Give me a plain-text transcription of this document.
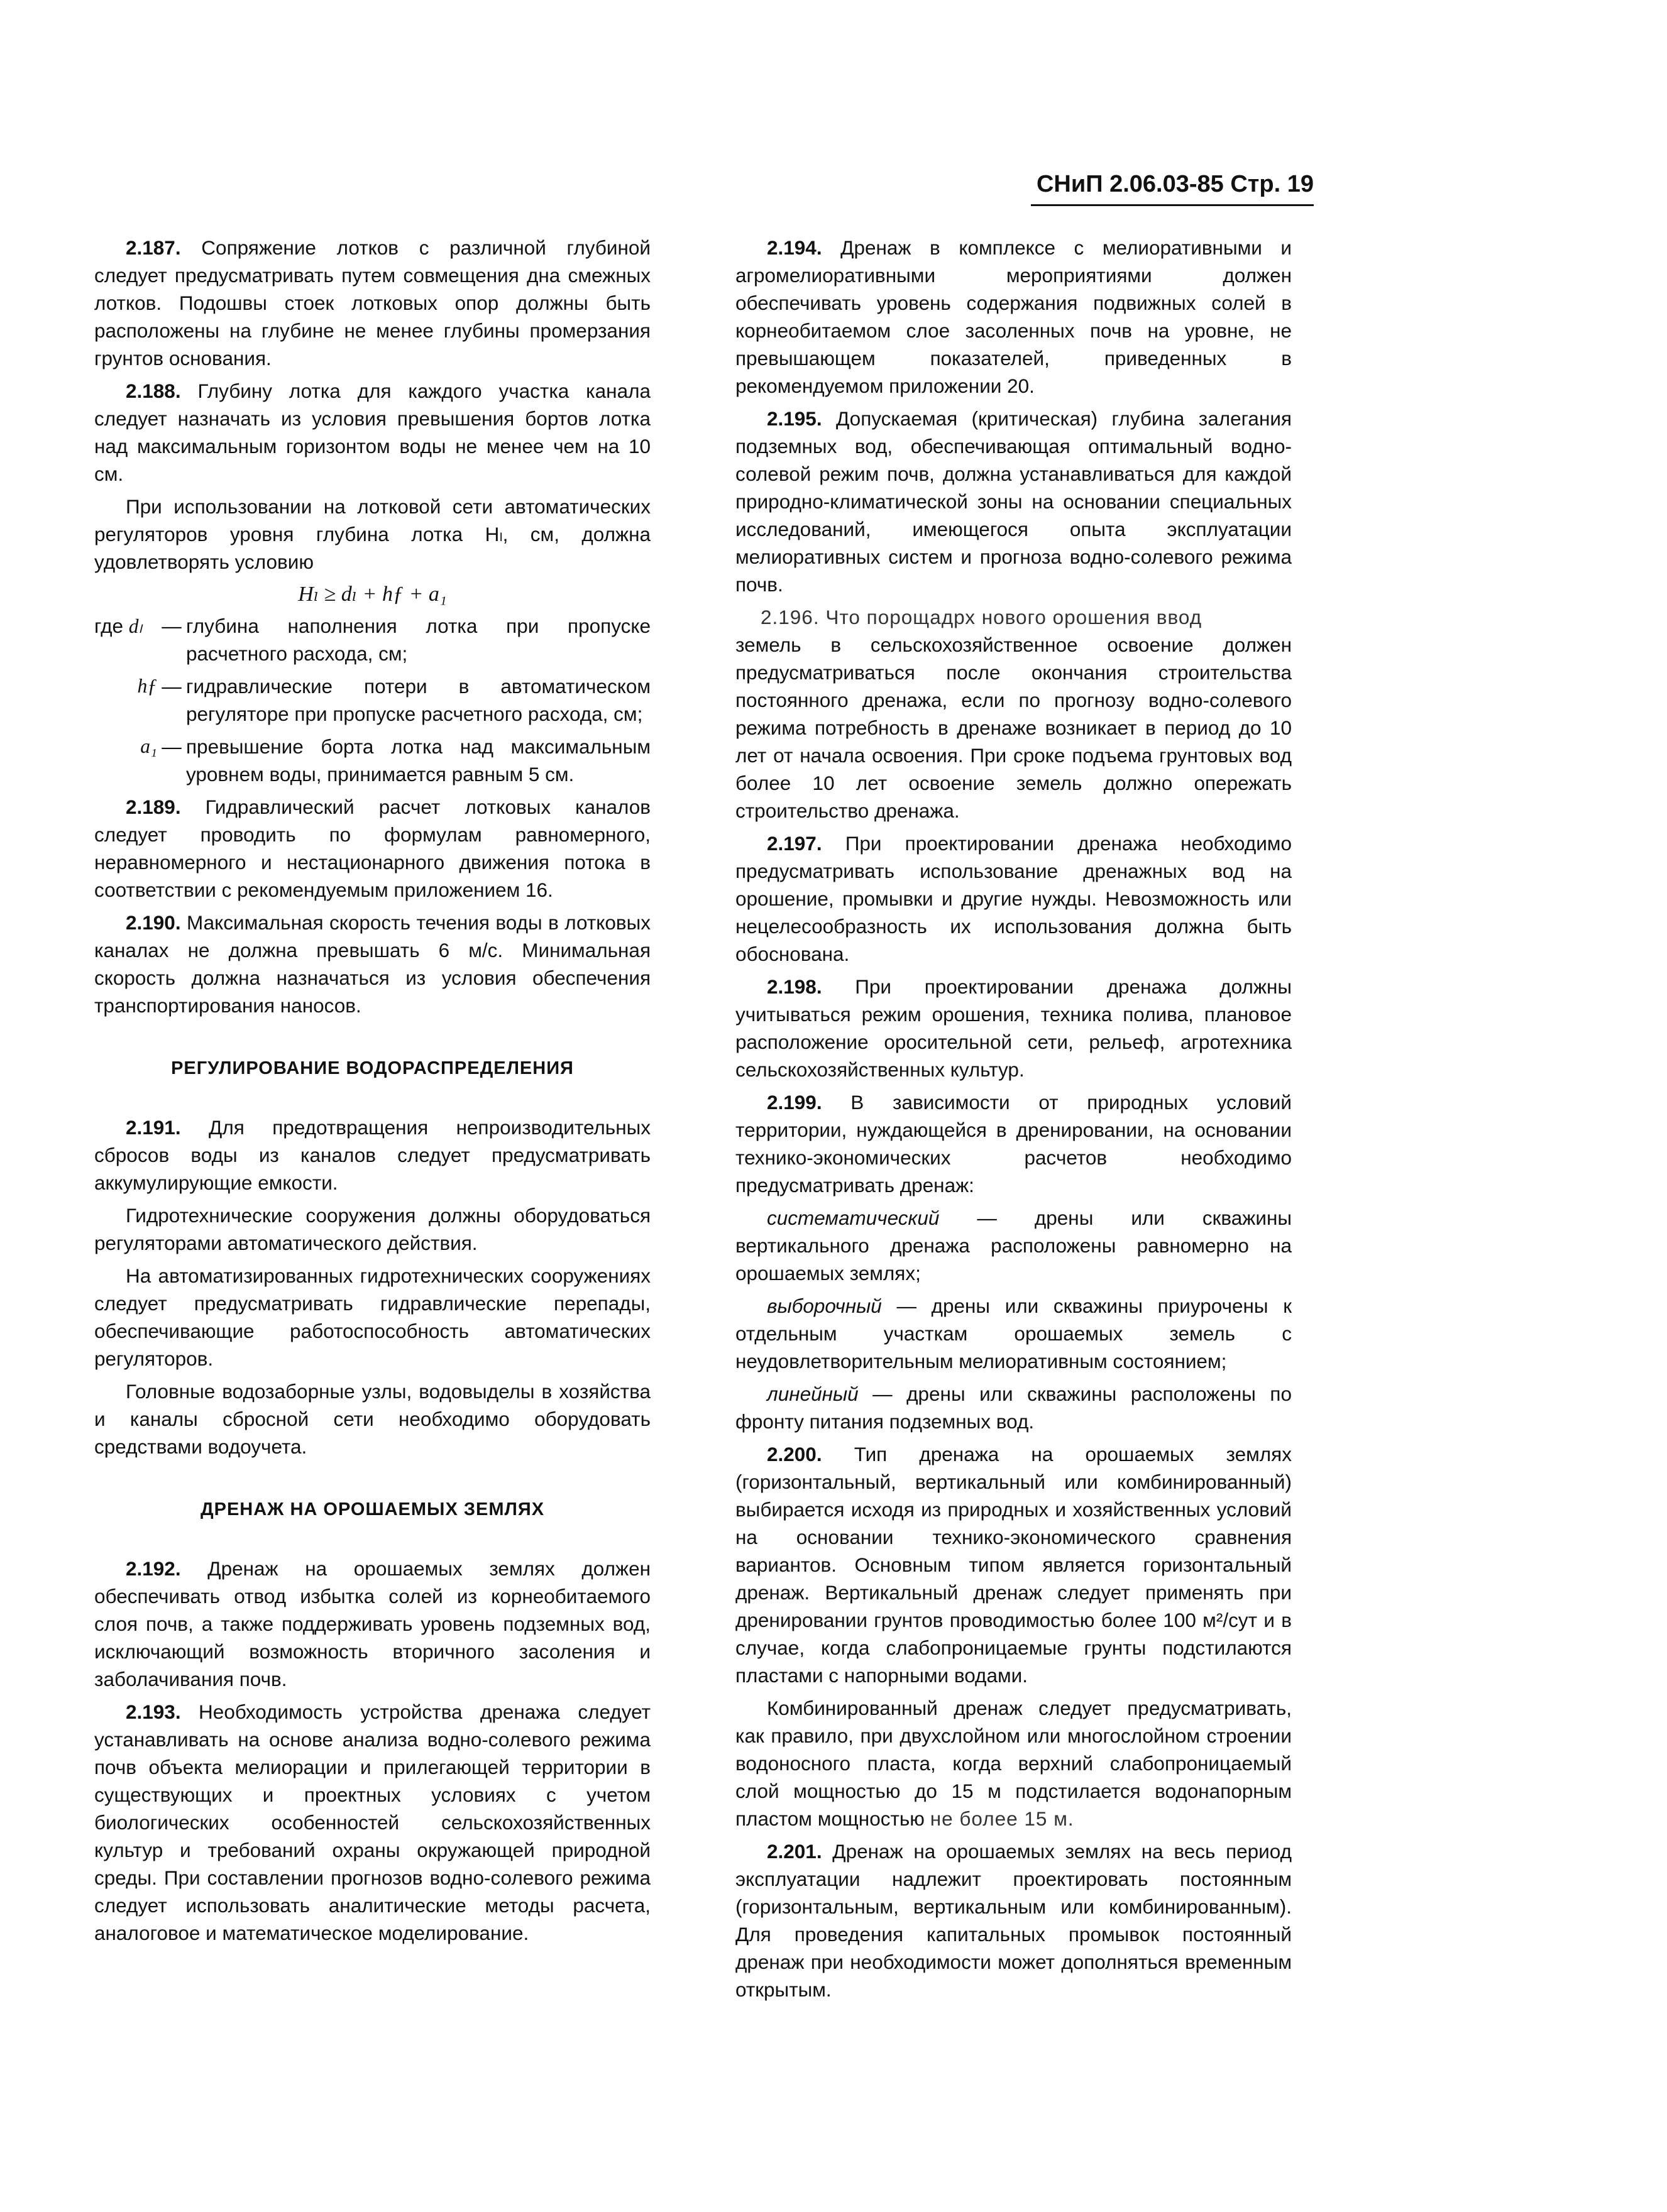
СНиП 2.06.03-85 Стр. 19

2.187. Сопряжение лотков с различной глубиной следует предусматривать путем совмещения дна смежных лотков. Подошвы стоек лотковых опор должны быть расположены на глубине не менее глубины промерзания грунтов основания.

2.188. Глубину лотка для каждого участка канала следует назначать из условия превышения бортов лотка над максимальным горизонтом воды не менее чем на 10 см.

При использовании на лотковой сети автоматических регуляторов уровня глубина лотка Hₗ, см, должна удовлетворять условию

Hₗ ≥ dₗ + hƒ + a₁
где dₗ	— глубина наполнения лотка при пропуске расчетного расхода, см;
hƒ — гидравлические потери в автоматическом регуляторе при пропуске расчетного расхода, см;
a₁ — превышение борта лотка над максимальным уровнем воды, принимается равным 5 см.

2.189. Гидравлический расчет лотковых каналов следует проводить по формулам равномерного, неравномерного и нестационарного движения потока в соответствии с рекомендуемым приложением 16.

2.190. Максимальная скорость течения воды в лотковых каналах не должна превышать 6 м/с. Минимальная скорость должна назначаться из условия обеспечения транспортирования наносов.

РЕГУЛИРОВАНИЕ ВОДОРАСПРЕДЕЛЕНИЯ

2.191. Для предотвращения непроизводительных сбросов воды из каналов следует предусматривать аккумулирующие емкости.

Гидротехнические сооружения должны оборудоваться регуляторами автоматического действия.

На автоматизированных гидротехнических сооружениях следует предусматривать гидравлические перепады, обеспечивающие работоспособность автоматических регуляторов.

Головные водозаборные узлы, водовыделы в хозяйства и каналы сбросной сети необходимо оборудовать средствами водоучета.

ДРЕНАЖ НА ОРОШАЕМЫХ ЗЕМЛЯХ

2.192. Дренаж на орошаемых землях должен обеспечивать отвод избытка солей из корнеобитаемого слоя почв, а также поддерживать уровень подземных вод, исключающий возможность вторичного засоления и заболачивания почв.

2.193. Необходимость устройства дренажа следует устанавливать на основе анализа водно-солевого режима почв объекта мелиорации и прилегающей территории в существующих и проектных условиях с учетом биологических особенностей сельскохозяйственных культур и требований охраны окружающей природной среды. При составлении прогнозов водно-солевого режима следует использовать аналитические методы расчета, аналоговое и математическое моделирование.

2.194. Дренаж в комплексе с мелиоративными и агромелиоративными мероприятиями должен обеспечивать уровень содержания подвижных солей в корнеобитаемом слое засоленных почв на уровне, не превышающем показателей, приведенных в рекомендуемом приложении 20.

2.195. Допускаемая (критическая) глубина залегания подземных вод, обеспечивающая оптимальный водно-солевой режим почв, должна устанавливаться для каждой природно-климатической зоны на основании специальных исследований, имеющегося опыта эксплуатации мелиоративных систем и прогноза водно-солевого режима почв.

2.196. Что порощадрх нового орошения ввод

земель в сельскохозяйственное освоение должен предусматриваться после окончания строительства постоянного дренажа, если по прогнозу водно-солевого режима потребность в дренаже возникает в период до 10 лет от начала освоения. При сроке подъема грунтовых вод более 10 лет освоение земель должно опережать строительство дренажа.

2.197. При проектировании дренажа необходимо предусматривать использование дренажных вод на орошение, промывки и другие нужды. Невозможность или нецелесообразность их использования должна быть обоснована.

2.198. При проектировании дренажа должны учитываться режим орошения, техника полива, плановое расположение оросительной сети, рельеф, агротехника сельскохозяйственных культур.

2.199. В зависимости от природных условий территории, нуждающейся в дренировании, на основании технико-экономических расчетов необходимо предусматривать дренаж:

систематический — дрены или скважины вертикального дренажа расположены равномерно на орошаемых землях;

выборочный — дрены или скважины приурочены к отдельным участкам орошаемых земель с неудовлетворительным мелиоративным состоянием;

линейный — дрены или скважины расположены по фронту питания подземных вод.

2.200. Тип дренажа на орошаемых землях (горизонтальный, вертикальный или комбинированный) выбирается исходя из природных и хозяйственных условий на основании технико-экономического сравнения вариантов. Основным типом является горизонтальный дренаж. Вертикальный дренаж следует применять при дренировании грунтов проводимостью более 100 м²/сут и в случае, когда слабопроницаемые грунты подстилаются пластами с напорными водами.

Комбинированный дренаж следует предусматривать, как правило, при двухслойном или многослойном строении водоносного пласта, когда верхний слабопроницаемый слой мощностью до 15 м подстилается водонапорным пластом мощностью не более 15 м.

2.201. Дренаж на орошаемых землях на весь период эксплуатации надлежит проектировать постоянным (горизонтальным, вертикальным или комбинированным). Для проведения капитальных промывок постоянный дренаж при необходимости может дополняться временным открытым.
